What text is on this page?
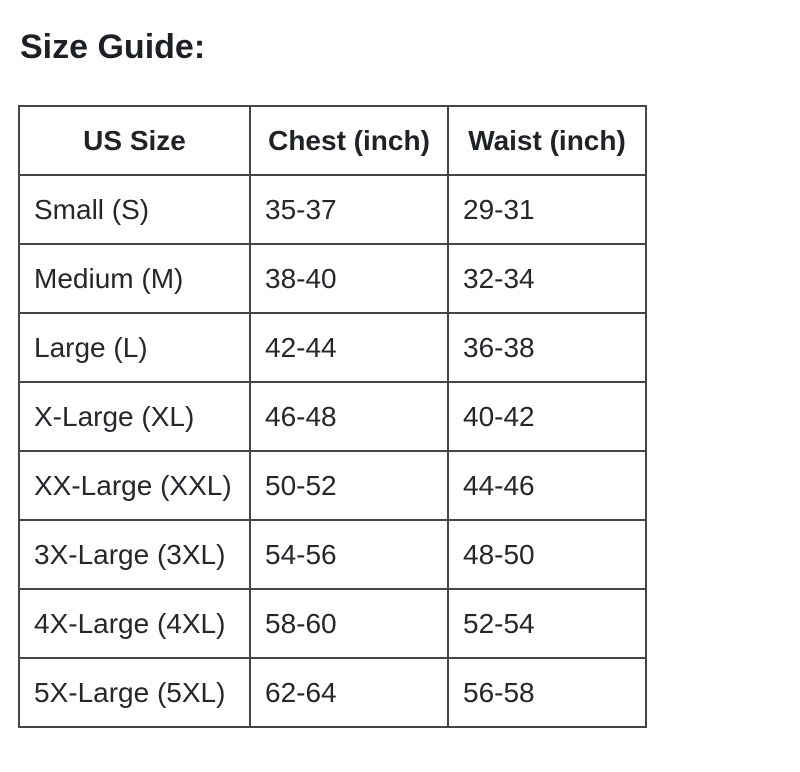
Size Guide:
US Size	Chest (inch)	Waist (inch)
Small (S)	35-37	29-31
Medium (M)	38-40	32-34
Large (L)	42-44	36-38
X-Large (XL)	46-48	40-42
XX-Large (XXL)	50-52	44-46
3X-Large (3XL)	54-56	48-50
4X-Large (4XL)	58-60	52-54
5X-Large (5XL)	62-64	56-58
